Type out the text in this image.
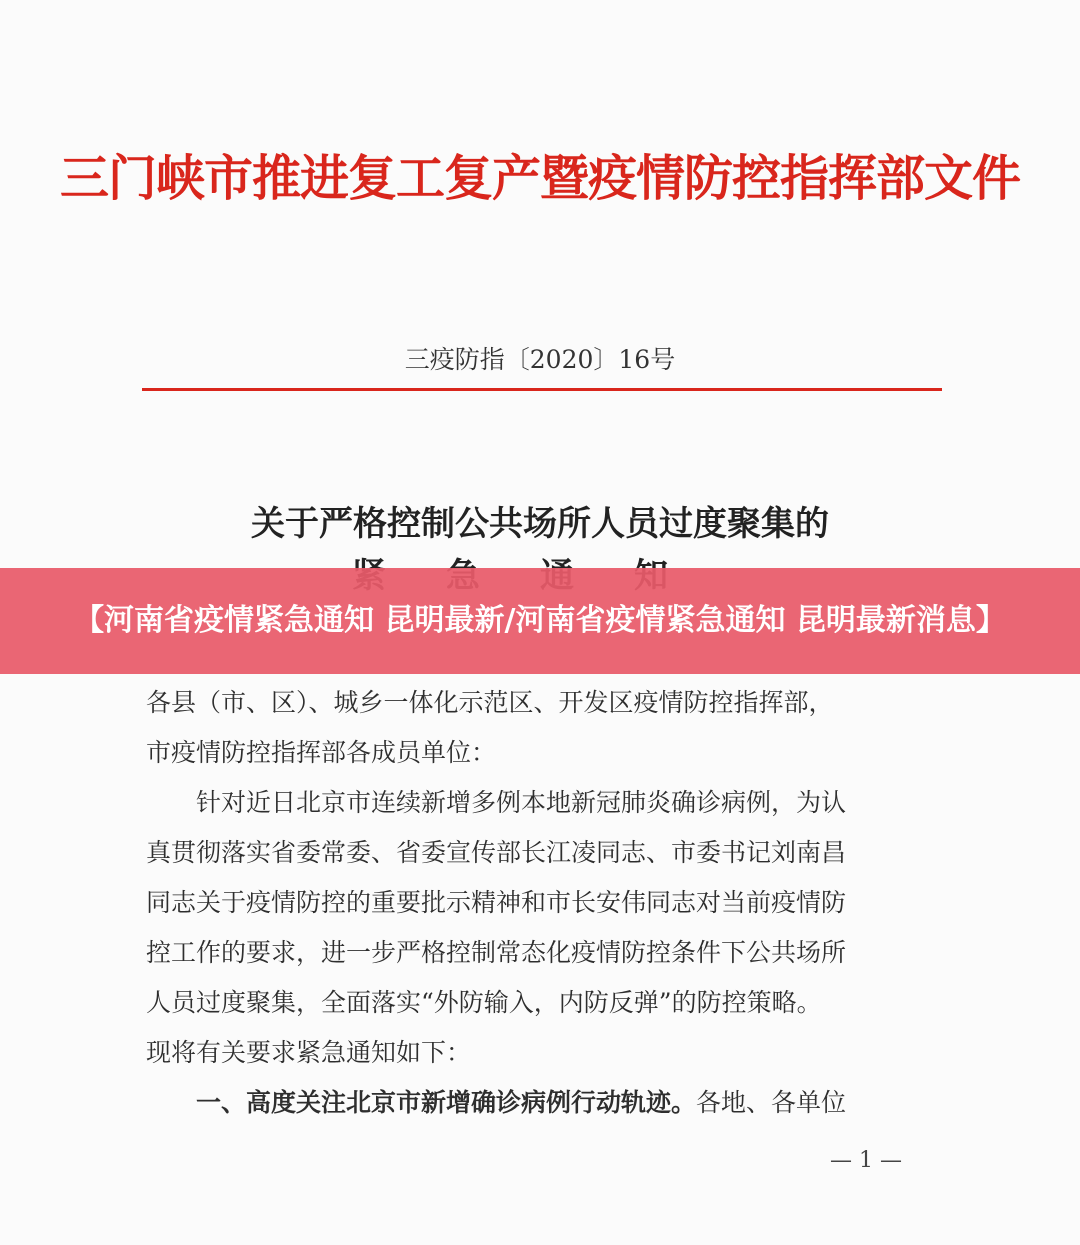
三门峡市推进复工复产暨疫情防控指挥部文件
三疫防指〔2020〕16号
关于严格控制公共场所人员过度聚集的

各县（市、区）、城乡一体化示范区、开发区疫情防控指挥部，

市疫情防控指挥部各成员单位：

针对近日北京市连续新增多例本地新冠肺炎确诊病例，为认

真贯彻落实省委常委、省委宣传部长江凌同志、市委书记刘南昌

同志关于疫情防控的重要批示精神和市长安伟同志对当前疫情防

控工作的要求，进一步严格控制常态化疫情防控条件下公共场所

人员过度聚集，全面落实“外防输入，内防反弹”的防控策略。

现将有关要求紧急通知如下：

一、高度关注北京市新增确诊病例行动轨迹。各地、各单位

— 1 —
【河南省疫情紧急通知 昆明最新/河南省疫情紧急通知 昆明最新消息】
